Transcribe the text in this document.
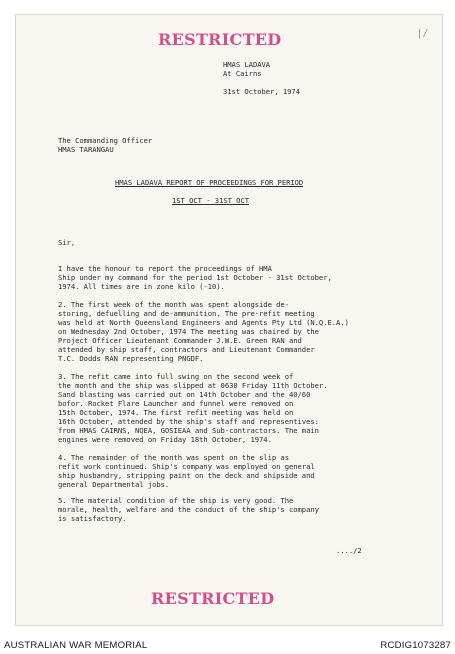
| /
RESTRICTED
HMAS LADAVA
At Cairns
31st October, 1974
The Commanding Officer
HMAS TARANGAU
HMAS LADAVA REPORT OF PROCEEDINGS FOR PERIOD
1ST OCT - 31ST OCT
Sir,
I have the honour to report the proceedings of HMA
Ship under my command for the period 1st October - 31st October,
1974. All times are in zone kilo (-10).
2. The first week of the month was spent alongside de-
storing, defuelling and de-ammunition. The pre-refit meeting
was held at North Queensland Engineers and Agents Pty Ltd (N.Q.E.A.)
on Wednesday 2nd October, 1974 The meeting was chaired by the
Project Officer Lieutenant Commander J.W.E. Green RAN and
attended by ship staff, contractors and Lieutenant Commander
T.C. Dodds RAN representing PNGDF.
3. The refit came into full swing on the second week of
the month and the ship was slipped at 0630 Friday 11th October.
Sand blasting was carried out on 14th October and the 40/60
bofor. Rocket Flare Launcher and funnel were removed on
15th October, 1974. The first refit meeting was held on
16th October, attended by the ship's staff and representives:
from HMAS CAIRNS, NQEA, GOSIEAA and Sub-contractors. The main
engines were removed on Friday 18th October, 1974.
4. The remainder of the month was spent on the slip as
refit work continued. Ship's company was employed on general
ship husbandry, stripping paint on the deck and shipside and
general Departmental jobs.
5. The material condition of the ship is very good. The
morale, health, welfare and the conduct of the ship's company
is satisfactory.
..../2
RESTRICTED
AUSTRALIAN WAR MEMORIAL	RCDIG1073287
